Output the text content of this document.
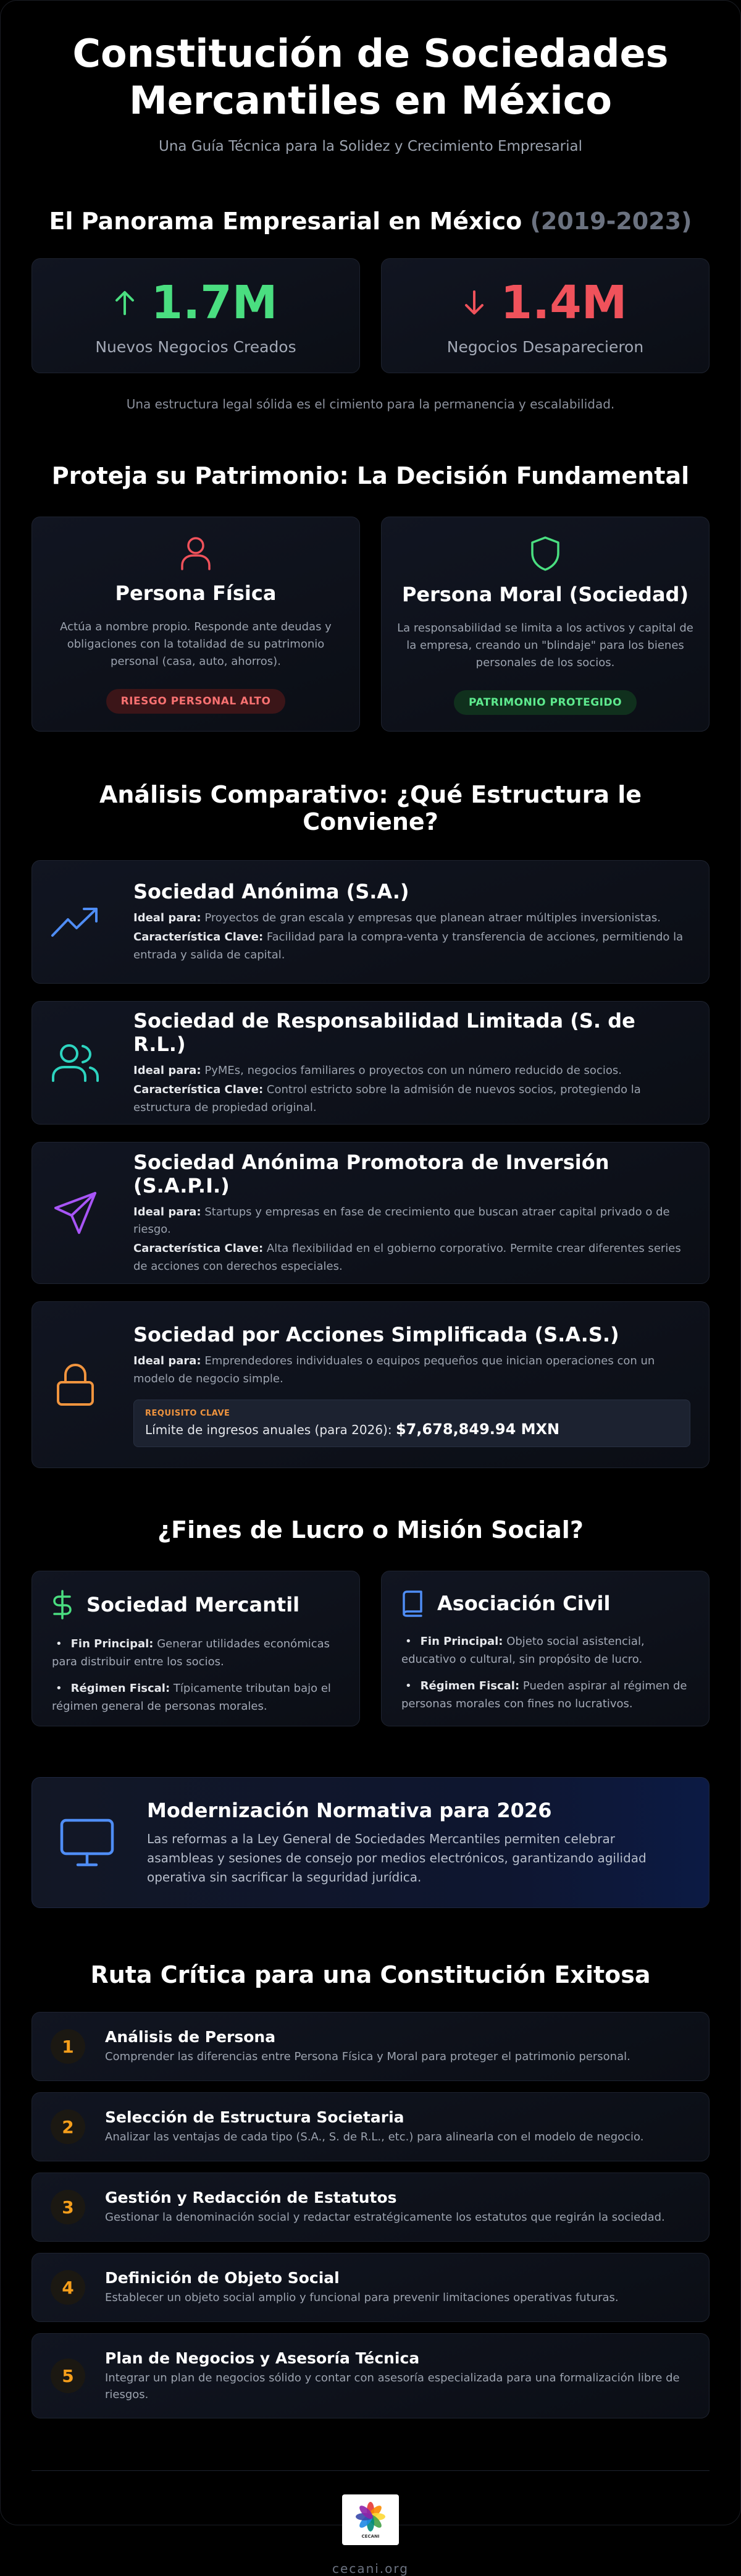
Constitución de Sociedades Mercantiles en México
Una Guía Técnica para la Solidez y Crecimiento Empresarial
El Panorama Empresarial en México (2019-2023)
1.7M
Nuevos Negocios Creados
1.4M
Negocios Desaparecieron
Una estructura legal sólida es el cimiento para la permanencia y escalabilidad.
Proteja su Patrimonio: La Decisión Fundamental
Persona Física

Actúa a nombre propio. Responde ante deudas y obligaciones con la totalidad de su patrimonio personal (casa, auto, ahorros).

RIESGO PERSONAL ALTO
Persona Moral (Sociedad)

La responsabilidad se limita a los activos y capital de la empresa, creando un "blindaje" para los bienes personales de los socios.

PATRIMONIO PROTEGIDO
Análisis Comparativo: ¿Qué Estructura le Conviene?
Sociedad Anónima (S.A.)
Ideal para: Proyectos de gran escala y empresas que planean atraer múltiples inversionistas.
Característica Clave: Facilidad para la compra-venta y transferencia de acciones, permitiendo la entrada y salida de capital.
Sociedad de Responsabilidad Limitada (S. de R.L.)
Ideal para: PyMEs, negocios familiares o proyectos con un número reducido de socios.
Característica Clave: Control estricto sobre la admisión de nuevos socios, protegiendo la estructura de propiedad original.
Sociedad Anónima Promotora de Inversión (S.A.P.I.)
Ideal para: Startups y empresas en fase de crecimiento que buscan atraer capital privado o de riesgo.
Característica Clave: Alta flexibilidad en el gobierno corporativo. Permite crear diferentes series de acciones con derechos especiales.
Sociedad por Acciones Simplificada (S.A.S.)
Ideal para: Emprendedores individuales o equipos pequeños que inician operaciones con un modelo de negocio simple.
REQUISITO CLAVE
Límite de ingresos anuales (para 2026): $7,678,849.94 MXN
¿Fines de Lucro o Misión Social?
Sociedad Mercantil
• Fin Principal: Generar utilidades económicas para distribuir entre los socios.
• Régimen Fiscal: Típicamente tributan bajo el régimen general de personas morales.
Asociación Civil
• Fin Principal: Objeto social asistencial, educativo o cultural, sin propósito de lucro.
• Régimen Fiscal: Pueden aspirar al régimen de personas morales con fines no lucrativos.
Modernización Normativa para 2026

Las reformas a la Ley General de Sociedades Mercantiles permiten celebrar asambleas y sesiones de consejo por medios electrónicos, garantizando agilidad operativa sin sacrificar la seguridad jurídica.

Ruta Crítica para una Constitución Exitosa
1	Análisis de Persona

Comprender las diferencias entre Persona Física y Moral para proteger el patrimonio personal.

2	Selección de Estructura Societaria

Analizar las ventajas de cada tipo (S.A., S. de R.L., etc.) para alinearla con el modelo de negocio.

3	Gestión y Redacción de Estatutos

Gestionar la denominación social y redactar estratégicamente los estatutos que regirán la sociedad.

4	Definición de Objeto Social

Establecer un objeto social amplio y funcional para prevenir limitaciones operativas futuras.

5
Plan de Negocios y Asesoría Técnica

Integrar un plan de negocios sólido y contar con asesoría especializada para una formalización libre de riesgos.

CECANI
cecani.org
